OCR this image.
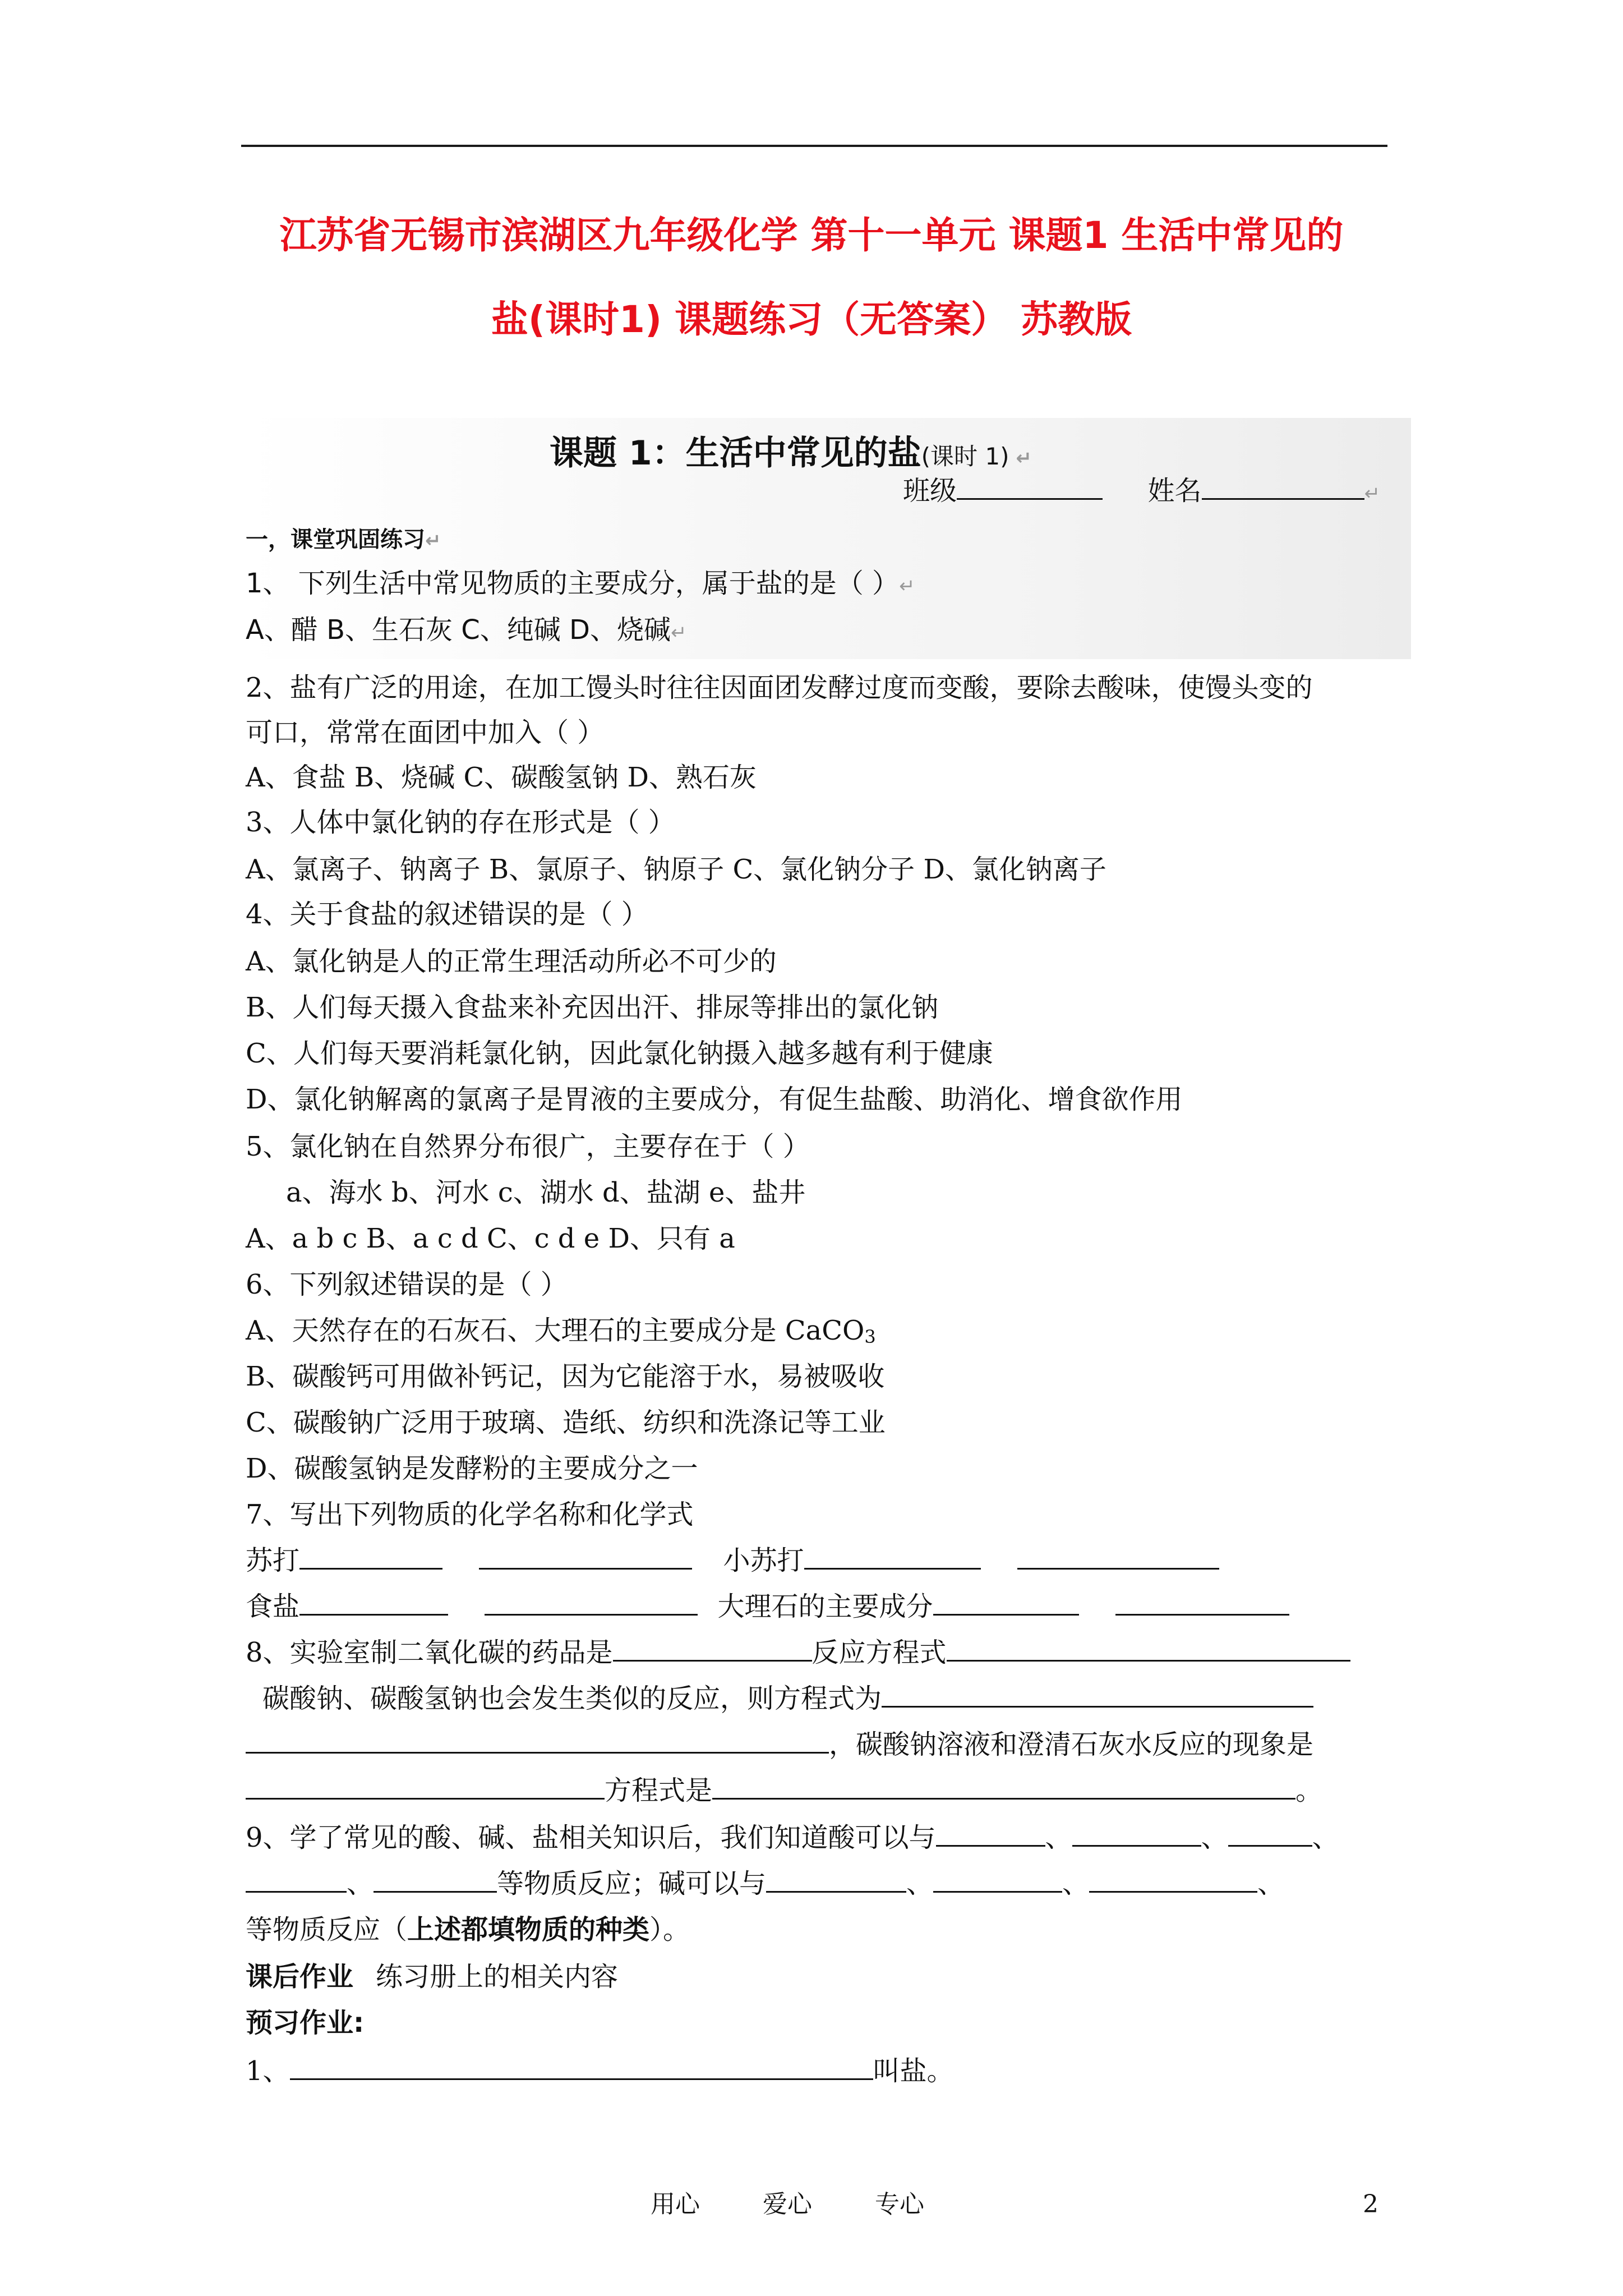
江苏省无锡市滨湖区九年级化学 第十一单元 课题1 生活中常见的
盐(课时1) 课题练习（无答案） 苏教版
课题 1：生活中常见的盐(课时 1) ↵
班级	姓名	↵
一，课堂巩固练习↵
1、 下列生活中常见物质的主要成分，属于盐的是（ ）↵
A、醋 B、生石灰 C、纯碱 D、烧碱↵
2、盐有广泛的用途，在加工馒头时往往因面团发酵过度而变酸，要除去酸味，使馒头变的
可口，常常在面团中加入（ ）
A、食盐 B、烧碱 C、碳酸氢钠 D、熟石灰
3、人体中氯化钠的存在形式是（ ）
A、氯离子、钠离子 B、氯原子、钠原子 C、氯化钠分子 D、氯化钠离子
4、关于食盐的叙述错误的是（ ）
A、氯化钠是人的正常生理活动所必不可少的
B、人们每天摄入食盐来补充因出汗、排尿等排出的氯化钠
C、人们每天要消耗氯化钠，因此氯化钠摄入越多越有利于健康
D、氯化钠解离的氯离子是胃液的主要成分，有促生盐酸、助消化、增食欲作用
5、氯化钠在自然界分布很广，主要存在于（ ）
a、海水 b、河水 c、湖水 d、盐湖 e、盐井
A、a b c B、a c d C、c d e D、只有 a
6、下列叙述错误的是（ ）
A、天然存在的石灰石、大理石的主要成分是 CaCO3
B、碳酸钙可用做补钙记，因为它能溶于水，易被吸收
C、碳酸钠广泛用于玻璃、造纸、纺织和洗涤记等工业
D、碳酸氢钠是发酵粉的主要成分之一
7、写出下列物质的化学名称和化学式
苏打	小苏打
食盐	大理石的主要成分
8、实验室制二氧化碳的药品是	反应方程式
碳酸钠、碳酸氢钠也会发生类似的反应，则方程式为
，碳酸钠溶液和澄清石灰水反应的现象是
方程式是	。
9、学了常见的酸、碱、盐相关知识后，我们知道酸可以与	、	、	、
、	等物质反应；碱可以与	、	、	、
等物质反应（上述都填物质的种类）。
课后作业 练习册上的相关内容
预习作业:
1、	叫盐。
用心	爱心	专心	2
